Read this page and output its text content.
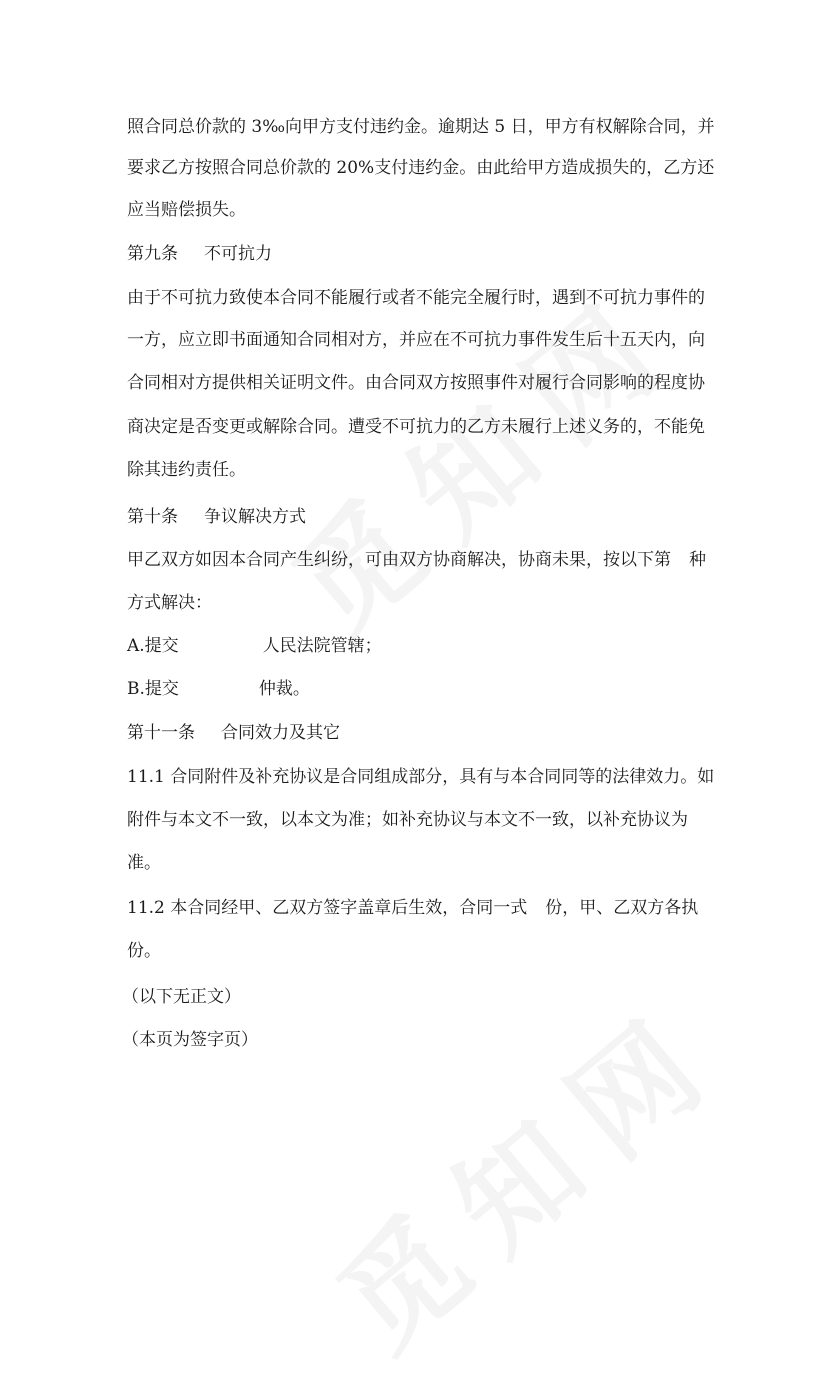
照合同总价款的 3‰向甲方支付违约金。逾期达 5 日，甲方有权解除合同，并
要求乙方按照合同总价款的 20%支付违约金。由此给甲方造成损失的，乙方还
应当赔偿损失。
第九条 不可抗力
由于不可抗力致使本合同不能履行或者不能完全履行时，遇到不可抗力事件的
一方，应立即书面通知合同相对方，并应在不可抗力事件发生后十五天内，向
合同相对方提供相关证明文件。由合同双方按照事件对履行合同影响的程度协
商决定是否变更或解除合同。遭受不可抗力的乙方未履行上述义务的，不能免
除其违约责任。
第十条 争议解决方式
甲乙双方如因本合同产生纠纷，可由双方协商解决，协商未果，按以下第 种
方式解决：
A.提交	人民法院管辖；
B.提交	仲裁。
第十一条 合同效力及其它
11.1 合同附件及补充协议是合同组成部分，具有与本合同同等的法律效力。如
附件与本文不一致，以本文为准；如补充协议与本文不一致，以补充协议为
准。
11.2 本合同经甲、乙双方签字盖章后生效，合同一式 份，甲、乙双方各执
份。
（以下无正文）
（本页为签字页）
